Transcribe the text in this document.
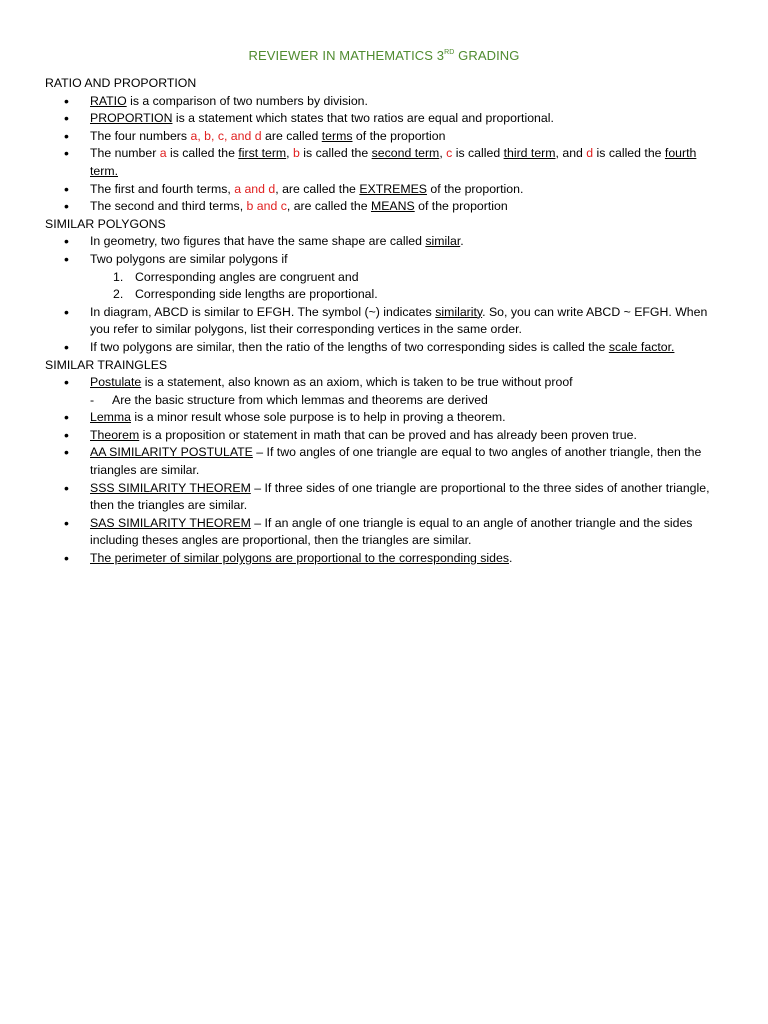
REVIEWER IN MATHEMATICS 3RD GRADING

RATIO AND PROPORTION

• RATIO is a comparison of two numbers by division.
• PROPORTION is a statement which states that two ratios are equal and proportional.
• The four numbers a, b, c, and d are called terms of the proportion
• The number a is called the first term, b is called the second term, c is called third term, and d is called the fourth term.
• The first and fourth terms, a and d, are called the EXTREMES of the proportion.
• The second and third terms, b and c, are called the MEANS of the proportion

SIMILAR POLYGONS

• In geometry, two figures that have the same shape are called similar.
• Two polygons are similar polygons if
1. Corresponding angles are congruent and
2. Corresponding side lengths are proportional.
• In diagram, ABCD is similar to EFGH. The symbol (~) indicates similarity. So, you can write ABCD ~ EFGH. When you refer to similar polygons, list their corresponding vertices in the same order.
• If two polygons are similar, then the ratio of the lengths of two corresponding sides is called the scale factor.

SIMILAR TRAINGLES

• Postulate is a statement, also known as an axiom, which is taken to be true without proof
- Are the basic structure from which lemmas and theorems are derived
• Lemma is a minor result whose sole purpose is to help in proving a theorem.
• Theorem is a proposition or statement in math that can be proved and has already been proven true.
• AA SIMILARITY POSTULATE – If two angles of one triangle are equal to two angles of another triangle, then the triangles are similar.
• SSS SIMILARITY THEOREM – If three sides of one triangle are proportional to the three sides of another triangle, then the triangles are similar.
• SAS SIMILARITY THEOREM – If an angle of one triangle is equal to an angle of another triangle and the sides including theses angles are proportional, then the triangles are similar.
• The perimeter of similar polygons are proportional to the corresponding sides.
